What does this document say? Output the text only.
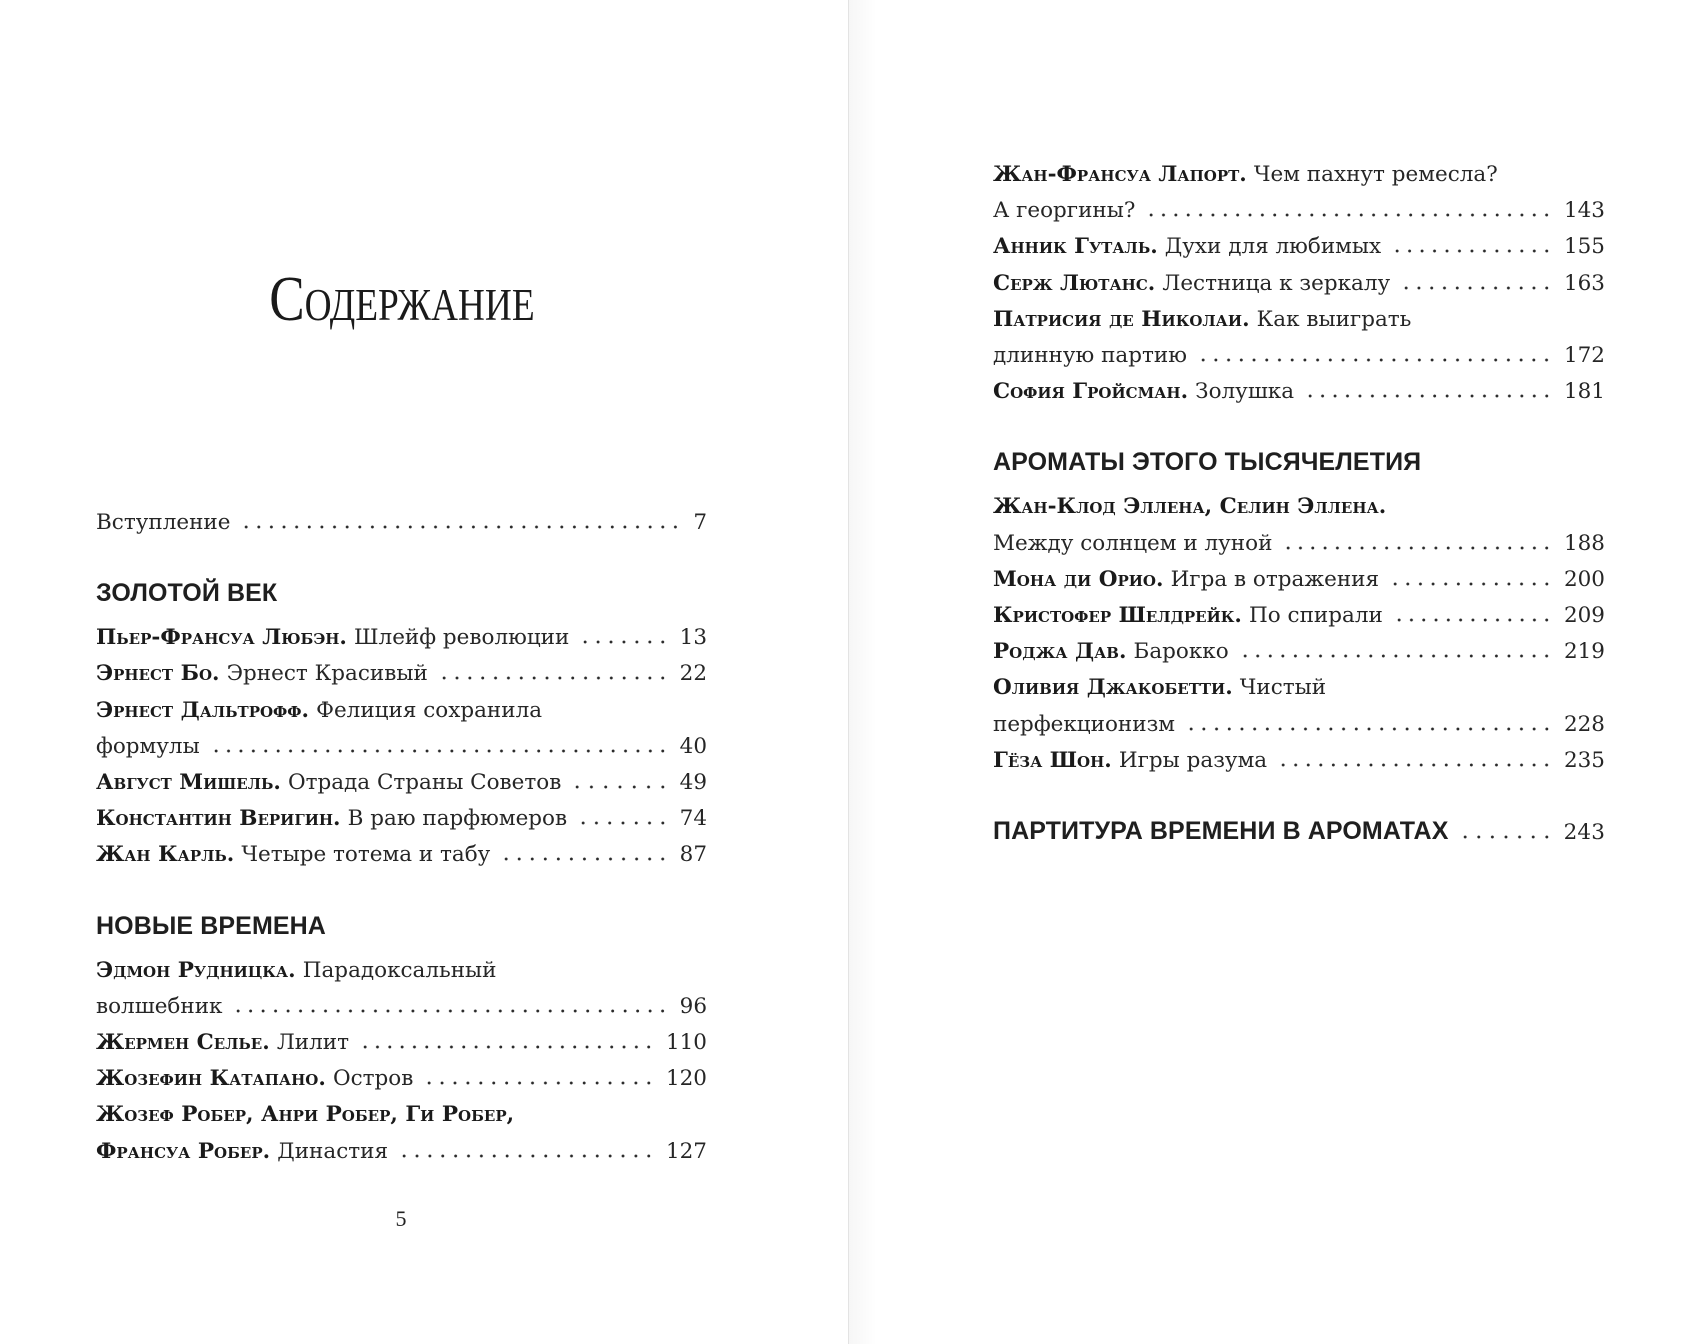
Содержание
Вступление	7
ЗОЛОТОЙ ВЕК
Пьер-Франсуа Любэн. Шлейф революции	13
Эрнест Бо. Эрнест Красивый	22
Эрнест Дальтрофф. Фелиция сохранила
формулы	40
Август Мишель. Отрада Страны Советов	49
Константин Веригин. В раю парфюмеров	74
Жан Карль. Четыре тотема и табу	87
НОВЫЕ ВРЕМЕНА
Эдмон Рудницка. Парадоксальный
волшебник	96
Жермен Селье. Лилит	110
Жозефин Катапано. Остров	120
Жозеф Робер, Анри Робер, Ги Робер,
Франсуа Робер. Династия	127
5
Жан-Франсуа Лапорт. Чем пахнут ремесла?
А георгины?	143
Анник Гуталь. Духи для любимых	155
Серж Лютанс. Лестница к зеркалу	163
Патрисия де Николаи. Как выиграть
длинную партию	172
София Гройсман. Золушка	181
АРОМАТЫ ЭТОГО ТЫСЯЧЕЛЕТИЯ
Жан-Клод Эллена, Селин Эллена.
Между солнцем и луной	188
Мона ди Орио. Игра в отражения	200
Кристофер Шелдрейк. По спирали	209
Роджа Дав. Барокко	219
Оливия Джакобетти. Чистый
перфекционизм	228
Гёза Шон. Игры разума	235
ПАРТИТУРА ВРЕМЕНИ В АРОМАТАХ	243
